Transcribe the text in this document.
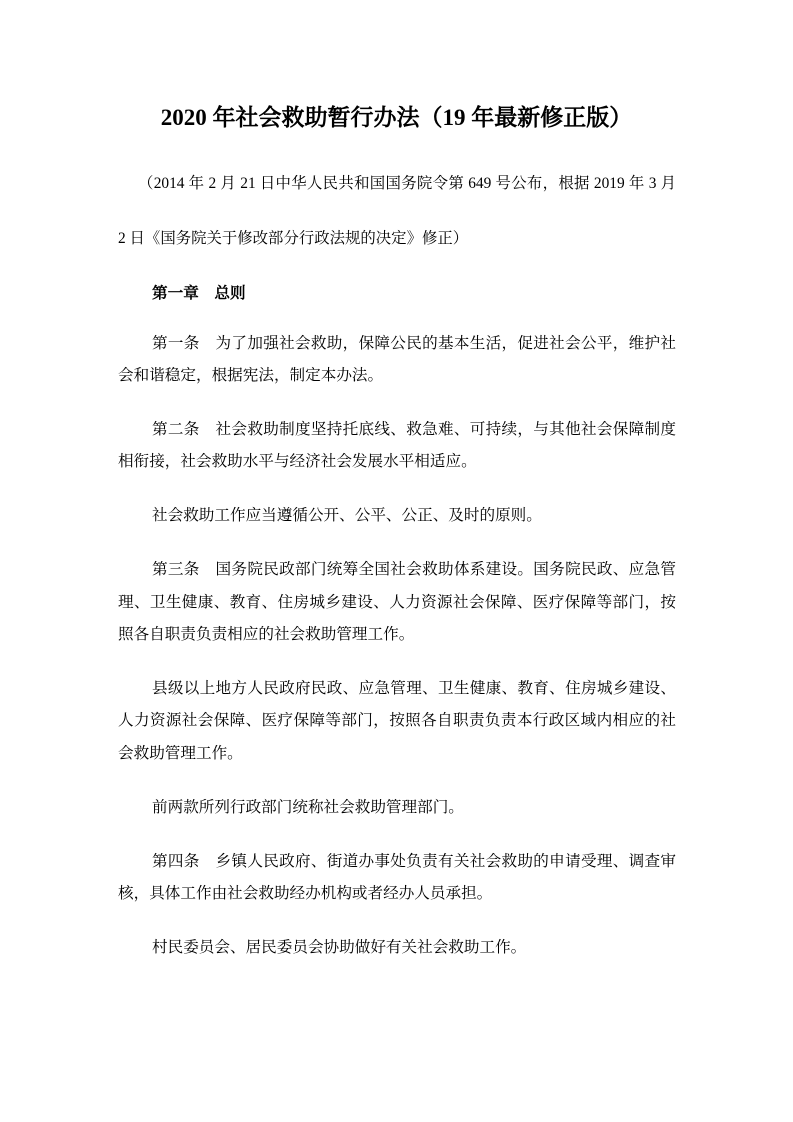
2020 年社会救助暂行办法（19 年最新修正版）
（2014 年 2 月 21 日中华人民共和国国务院令第 649 号公布，根据 2019 年 3 月
2 日《国务院关于修改部分行政法规的决定》修正）
第一章　总则
第一条　为了加强社会救助，保障公民的基本生活，促进社会公平，维护社
会和谐稳定，根据宪法，制定本办法。
第二条　社会救助制度坚持托底线、救急难、可持续，与其他社会保障制度
相衔接，社会救助水平与经济社会发展水平相适应。
社会救助工作应当遵循公开、公平、公正、及时的原则。
第三条　国务院民政部门统筹全国社会救助体系建设。国务院民政、应急管
理、卫生健康、教育、住房城乡建设、人力资源社会保障、医疗保障等部门，按
照各自职责负责相应的社会救助管理工作。
县级以上地方人民政府民政、应急管理、卫生健康、教育、住房城乡建设、
人力资源社会保障、医疗保障等部门，按照各自职责负责本行政区域内相应的社
会救助管理工作。
前两款所列行政部门统称社会救助管理部门。
第四条　乡镇人民政府、街道办事处负责有关社会救助的申请受理、调查审
核，具体工作由社会救助经办机构或者经办人员承担。
村民委员会、居民委员会协助做好有关社会救助工作。
